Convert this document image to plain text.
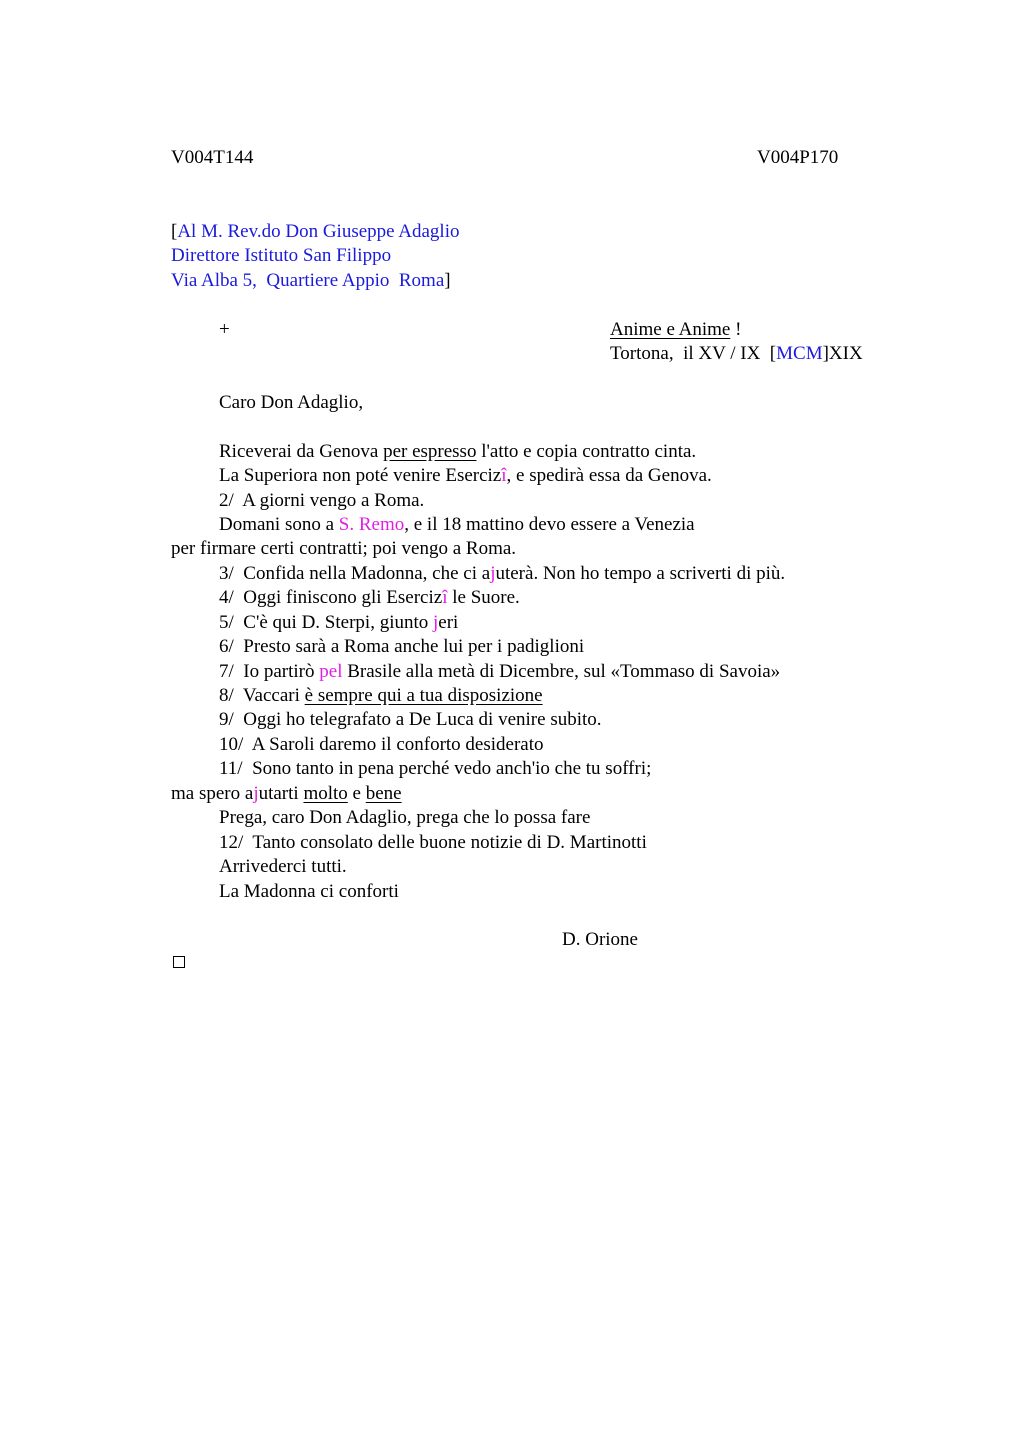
V004T144	V004P170
[Al M. Rev.do Don Giuseppe Adaglio
Direttore Istituto San Filippo
Via Alba 5,  Quartiere Appio  Roma]
+	Anime e Anime !
Tortona,  il XV / IX  [MCM]XIX
Caro Don Adaglio,
Riceverai da Genova per espresso l'atto e copia contratto cinta.
La Superiora non poté venire Esercizî, e spedirà essa da Genova.
2/  A giorni vengo a Roma.
Domani sono a S. Remo, e il 18 mattino devo essere a Venezia
per firmare certi contratti; poi vengo a Roma.
3/  Confida nella Madonna, che ci ajuterà. Non ho tempo a scriverti di più.
4/  Oggi finiscono gli Esercizî le Suore.
5/  C'è qui D. Sterpi, giunto jeri
6/  Presto sarà a Roma anche lui per i padiglioni
7/  Io partirò pel Brasile alla metà di Dicembre, sul «Tommaso di Savoia»
8/  Vaccari è sempre qui a tua disposizione
9/  Oggi ho telegrafato a De Luca di venire subito.
10/  A Saroli daremo il conforto desiderato
11/  Sono tanto in pena perché vedo anch'io che tu soffri;
ma spero ajutarti molto e bene
Prega, caro Don Adaglio, prega che lo possa fare
12/  Tanto consolato delle buone notizie di D. Martinotti
Arrivederci tutti.
La Madonna ci conforti
D. Orione
